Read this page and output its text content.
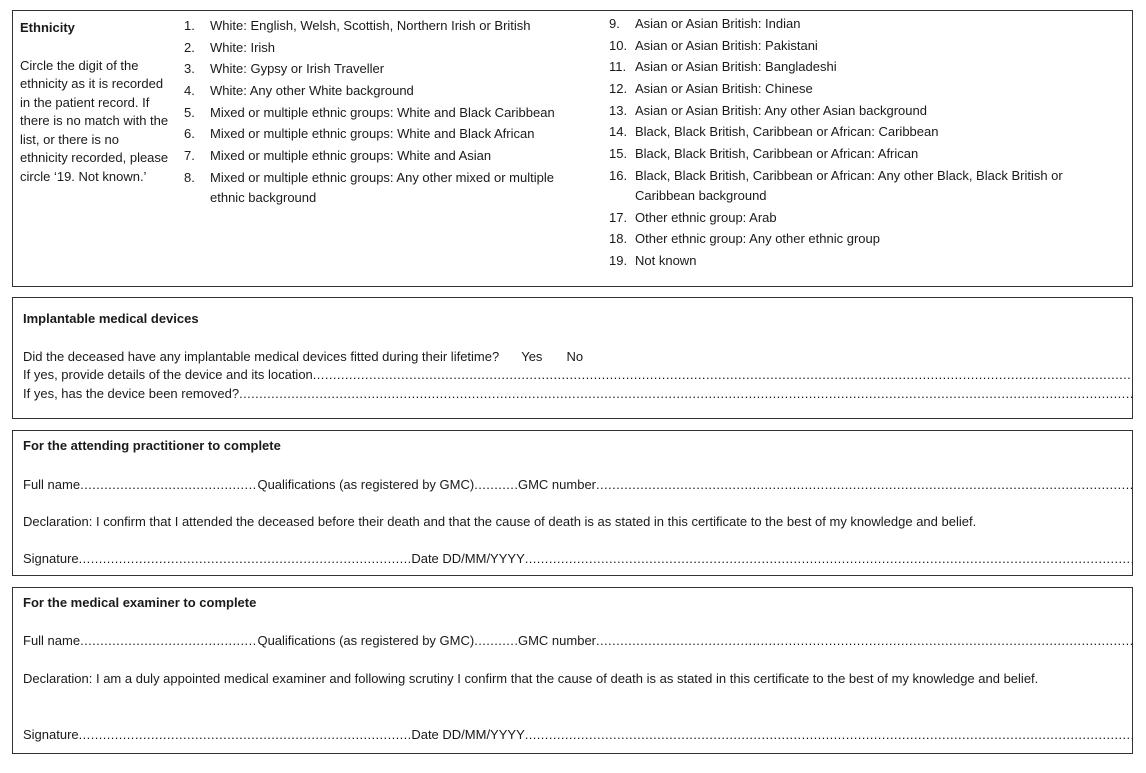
Ethnicity
Circle the digit of the ethnicity as it is recorded in the patient record. If there is no match with the list, or there is no ethnicity recorded, please circle ‘19. Not known.’
1. White: English, Welsh, Scottish, Northern Irish or British
2. White: Irish
3. White: Gypsy or Irish Traveller
4. White: Any other White background
5. Mixed or multiple ethnic groups: White and Black Caribbean
6. Mixed or multiple ethnic groups: White and Black African
7. Mixed or multiple ethnic groups: White and Asian
8. Mixed or multiple ethnic groups: Any other mixed or multiple ethnic background
9. Asian or Asian British: Indian
10. Asian or Asian British: Pakistani
11. Asian or Asian British: Bangladeshi
12. Asian or Asian British: Chinese
13. Asian or Asian British: Any other Asian background
14. Black, Black British, Caribbean or African: Caribbean
15. Black, Black British, Caribbean or African: African
16. Black, Black British, Caribbean or African: Any other Black, Black British or Caribbean background
17. Other ethnic group: Arab
18. Other ethnic group: Any other ethnic group
19. Not known
Implantable medical devices
Did the deceased have any implantable medical devices fitted during their lifetime? Yes No
If yes, provide details of the device and its location
.....
If yes, has the device been removed?
.....
For the attending practitioner to complete
Full name .....	Qualifications (as registered by GMC) .....	GMC number
.....
Declaration: I confirm that I attended the deceased before their death and that the cause of death is as stated in this certificate to the best of my knowledge and belief.
Signature .....	Date DD/MM/YYYY
.....
For the medical examiner to complete
Full name .....	Qualifications (as registered by GMC) .....	GMC number
.....
Declaration: I am a duly appointed medical examiner and following scrutiny I confirm that the cause of death is as stated in this certificate to the best of my knowledge and belief.
Signature .....	Date DD/MM/YYYY
.....
